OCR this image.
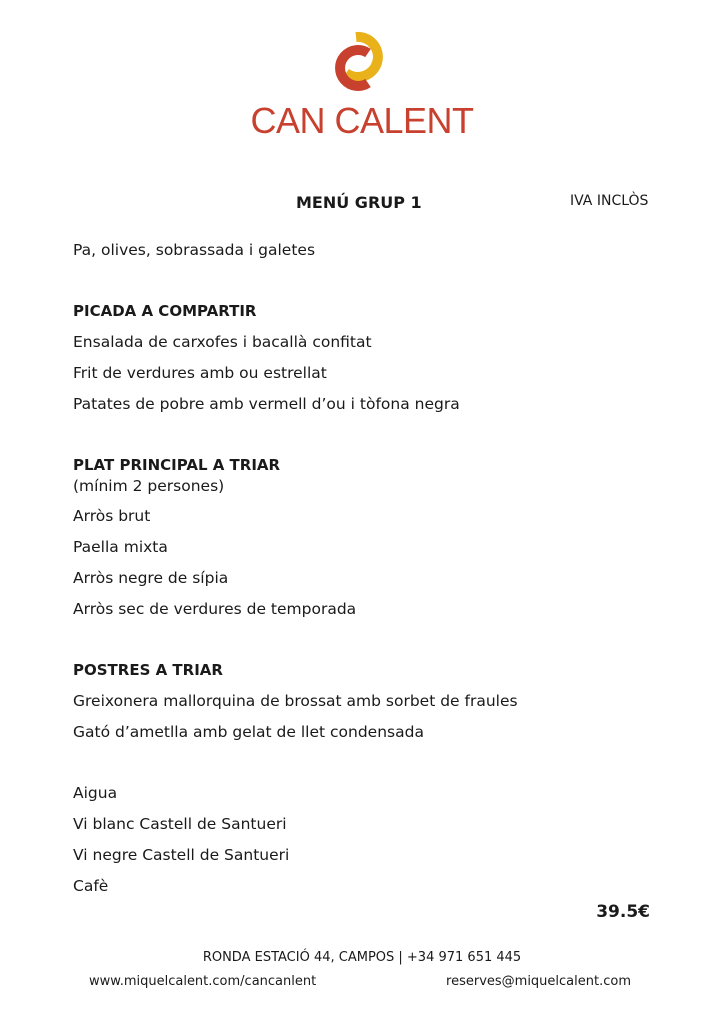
CAN CALENT
MENÚ GRUP 1	IVA INCLÒS
Pa, olives, sobrassada i galetes
PICADA A COMPARTIR
Ensalada de carxofes i bacallà confitat
Frit de verdures amb ou estrellat
Patates de pobre amb vermell d’ou i tòfona negra
PLAT PRINCIPAL A TRIAR
(mínim 2 persones)
Arròs brut
Paella mixta
Arròs negre de sípia
Arròs sec de verdures de temporada
POSTRES A TRIAR
Greixonera mallorquina de brossat amb sorbet de fraules
Gató d’ametlla amb gelat de llet condensada
Aigua
Vi blanc Castell de Santueri
Vi negre Castell de Santueri
Cafè
39.5€
RONDA ESTACIÓ 44, CAMPOS | +34 971 651 445
www.miquelcalent.com/cancanlent	reserves@miquelcalent.com
